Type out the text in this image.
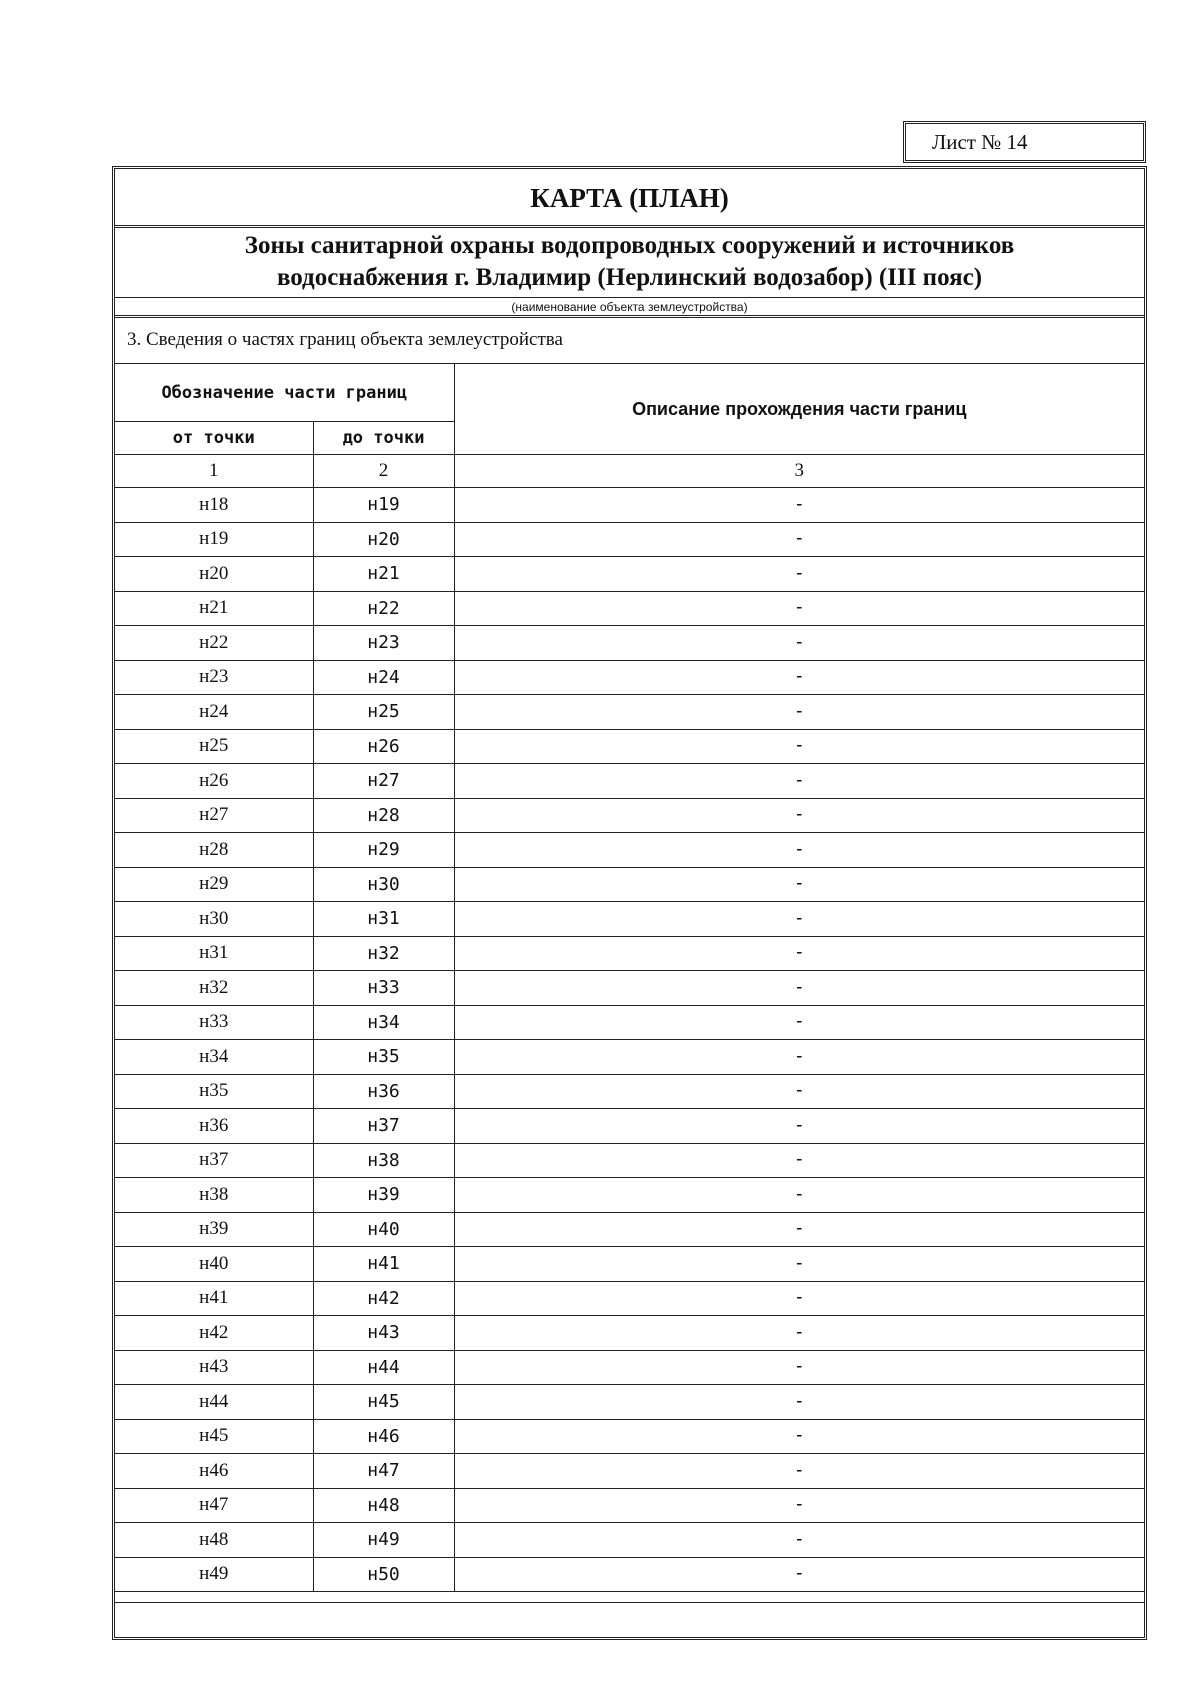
Лист № 14
КАРТА (ПЛАН)
Зоны санитарной охраны водопроводных сооружений и источников
водоснабжения г. Владимир (Нерлинский водозабор) (III пояс)
(наименование объекта землеустройства)
3. Сведения о частях границ объекта землеустройства
Обозначение части границ		Описание прохождения части границ
от точки	до точки	
1	2	3
н18	н19	-
н19	н20	-
н20	н21	-
н21	н22	-
н22	н23	-
н23	н24	-
н24	н25	-
н25	н26	-
н26	н27	-
н27	н28	-
н28	н29	-
н29	н30	-
н30	н31	-
н31	н32	-
н32	н33	-
н33	н34	-
н34	н35	-
н35	н36	-
н36	н37	-
н37	н38	-
н38	н39	-
н39	н40	-
н40	н41	-
н41	н42	-
н42	н43	-
н43	н44	-
н44	н45	-
н45	н46	-
н46	н47	-
н47	н48	-
н48	н49	-
н49	н50	-
